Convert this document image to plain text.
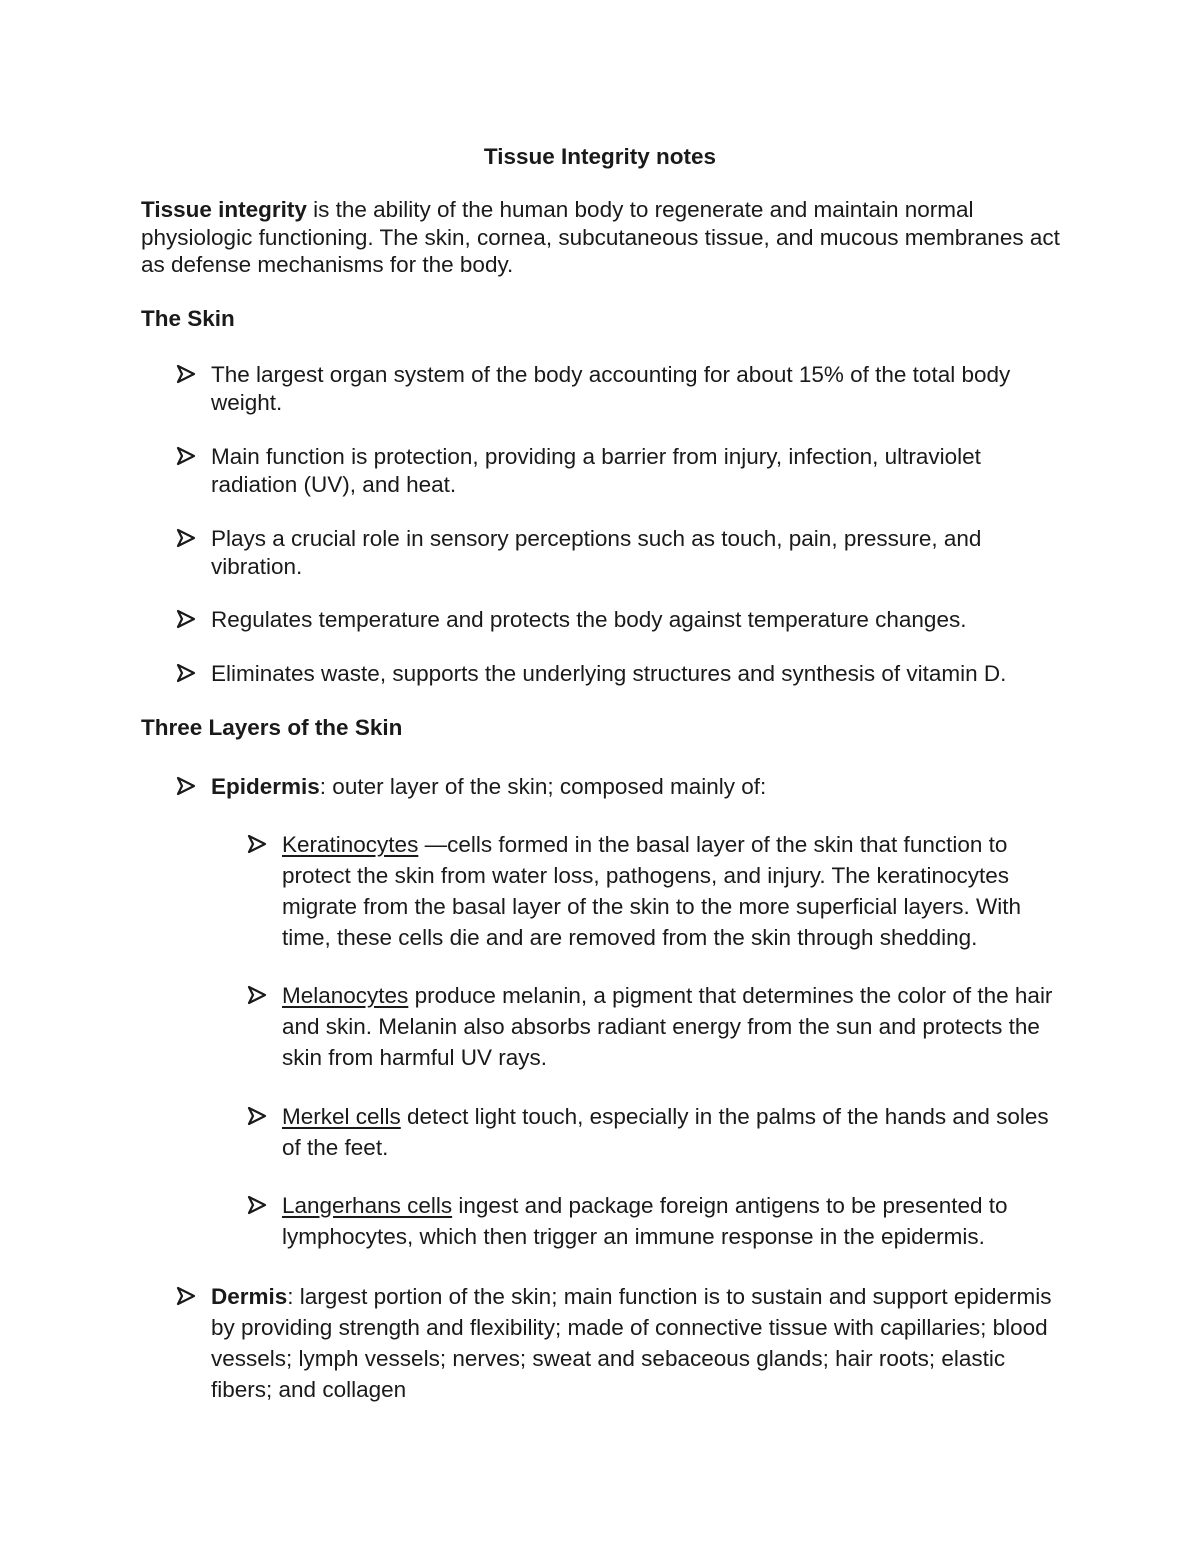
Tissue Integrity notes
Tissue integrity is the ability of the human body to regenerate and maintain normal physiologic functioning. The skin, cornea, subcutaneous tissue, and mucous membranes act as defense mechanisms for the body.
The Skin
The largest organ system of the body accounting for about 15% of the total body weight.
Main function is protection, providing a barrier from injury, infection, ultraviolet radiation (UV), and heat.
Plays a crucial role in sensory perceptions such as touch, pain, pressure, and vibration.
Regulates temperature and protects the body against temperature changes.
Eliminates waste, supports the underlying structures and synthesis of vitamin D.
Three Layers of the Skin
Epidermis: outer layer of the skin; composed mainly of:
Keratinocytes —cells formed in the basal layer of the skin that function to protect the skin from water loss, pathogens, and injury. The keratinocytes migrate from the basal layer of the skin to the more superficial layers. With time, these cells die and are removed from the skin through shedding.
Melanocytes produce melanin, a pigment that determines the color of the hair and skin. Melanin also absorbs radiant energy from the sun and protects the skin from harmful UV rays.
Merkel cells detect light touch, especially in the palms of the hands and soles of the feet.
Langerhans cells ingest and package foreign antigens to be presented to lymphocytes, which then trigger an immune response in the epidermis.
Dermis: largest portion of the skin; main function is to sustain and support epidermis by providing strength and flexibility; made of connective tissue with capillaries; blood vessels; lymph vessels; nerves; sweat and sebaceous glands; hair roots; elastic fibers; and collagen
